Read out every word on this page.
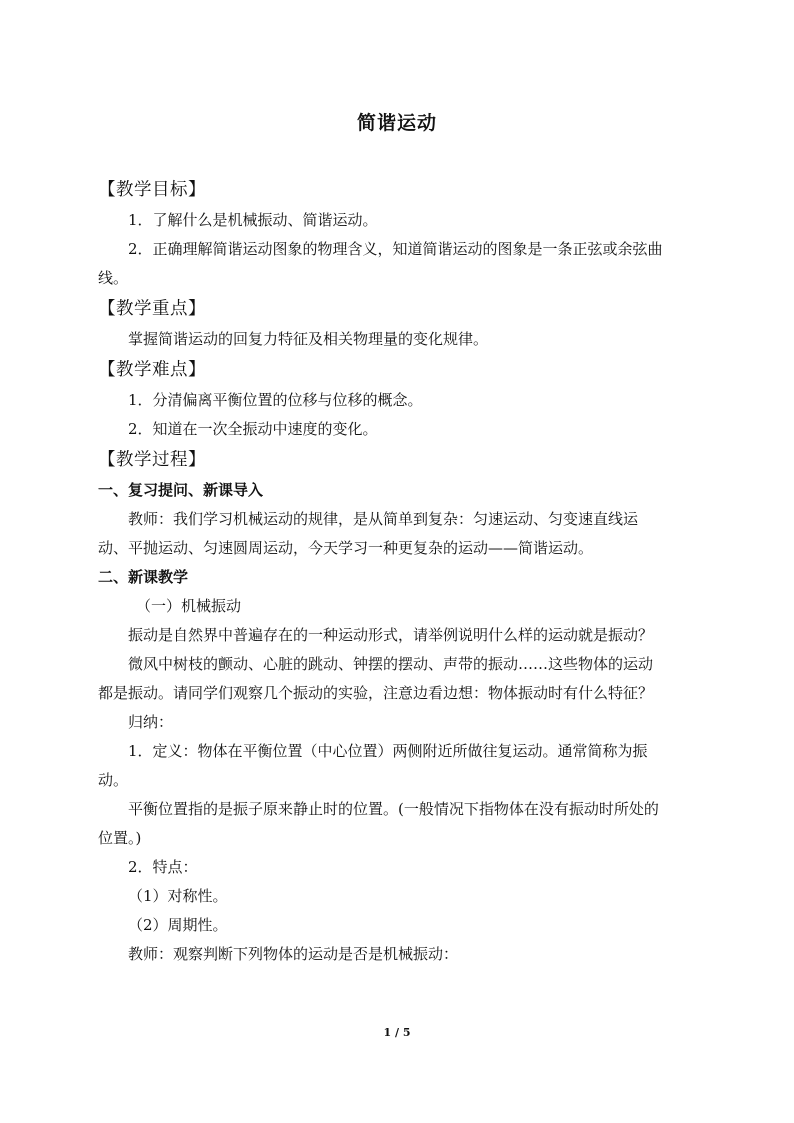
简谐运动
【教学目标】
1．了解什么是机械振动、简谐运动。
2．正确理解简谐运动图象的物理含义，知道简谐运动的图象是一条正弦或余弦曲
线。
【教学重点】
掌握简谐运动的回复力特征及相关物理量的变化规律。
【教学难点】
1．分清偏离平衡位置的位移与位移的概念。
2．知道在一次全振动中速度的变化。
【教学过程】
一、复习提问、新课导入
教师：我们学习机械运动的规律，是从简单到复杂：匀速运动、匀变速直线运
动、平抛运动、匀速圆周运动，今天学习一种更复杂的运动——简谐运动。
二、新课教学
（一）机械振动
振动是自然界中普遍存在的一种运动形式，请举例说明什么样的运动就是振动？
微风中树枝的颤动、心脏的跳动、钟摆的摆动、声带的振动……这些物体的运动
都是振动。请同学们观察几个振动的实验，注意边看边想：物体振动时有什么特征？
归纳：
1．定义：物体在平衡位置（中心位置）两侧附近所做往复运动。通常简称为振
动。
平衡位置指的是振子原来静止时的位置。(一般情况下指物体在没有振动时所处的
位置。)
2．特点：
（1）对称性。
（2）周期性。
教师：观察判断下列物体的运动是否是机械振动：
1 / 5
